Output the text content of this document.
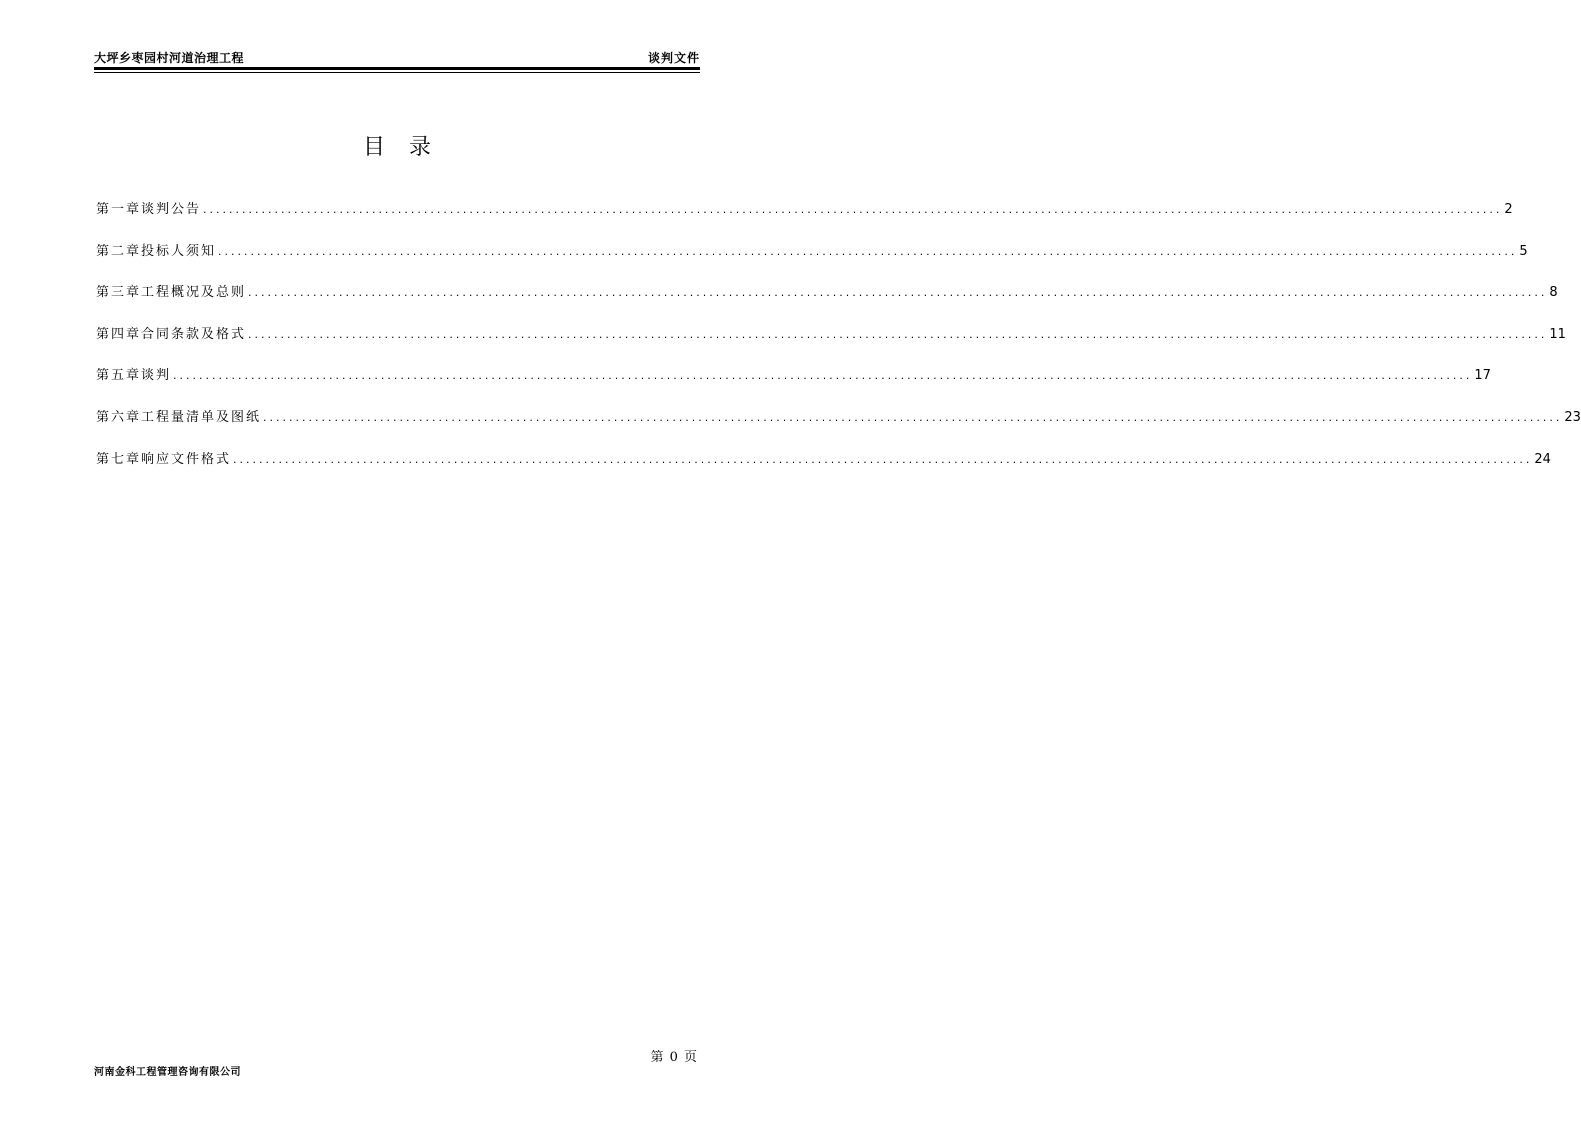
大坪乡枣园村河道治理工程	谈判文件
目录
第一章 谈判公告 ........................................................................................................................................................................................................ 2
第二章 投标人须知 ........................................................................................................................................................................................................ 5
第三章 工程概况及总则 ........................................................................................................................................................................................................ 8
第四章 合同条款及格式 ........................................................................................................................................................................................................ 11
第五章 谈判 ........................................................................................................................................................................................................ 17
第六章 工程量清单及图纸 ........................................................................................................................................................................................................ 23
第七章 响应文件格式 ........................................................................................................................................................................................................ 24
第 0 页
河南金科工程管理咨询有限公司
